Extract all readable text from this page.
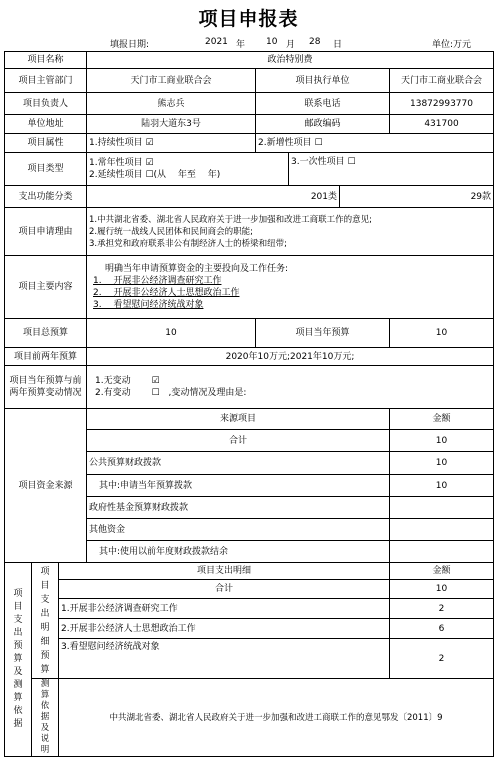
项目申报表
填报日期:	2021 年 10 月 28 日	单位:万元
项目名称			政治特别费				
项目主管部门			天门市工商业联合会	项目执行单位			天门市工商业联合会
项目负责人			熊志兵	联系电话			13872993770
单位地址			陆羽大道东3号	邮政编码			431700
项目属性			1.持续性项目 ☑	2.新增性项目 ☐			
项目类型			1.常年性项目 ☑
2.延续性项目 ☐(从　 年至　 年)		3.一次性项目 ☐		
支出功能分类			201类			29款	
项目申请理由			1.中共湖北省委、湖北省人民政府关于进一步加强和改进工商联工作的意见;
2.履行统一战线人民团体和民间商会的职能;
3.承担党和政府联系非公有制经济人士的桥梁和纽带;				

项目主要内容			明确当年申请预算资金的主要投向及工作任务:
1.　 开展非公经济调查研究工作
2.　 开展非公经济人士思想政治工作
3.　 看望慰问经济统战对象				

项目总预算			10	项目当年预算			10
项目前两年预算			2020年10万元;2021年10万元;				
项目当年预算与前两年预算变动情况			1.无变动　　 ☑
2.有变动　　 ☐　,变动情况及理由是:				

项目资金来源			来源项目				金额
			合计				10
			公共预算财政拨款				10
			其中:申请当年预算拨款				10
			政府性基金预算财政拨款				
			其他资金				
			其中:使用以前年度财政拨款结余				
项目支出预算及测算依据	项目支出明细预算	项目支出明细					金额
		合计					10
		1.开展非公经济调查研究工作					2
		2.开展非公经济人士思想政治工作					6
		3.看望慰问经济统战对象					2
	测算依据及说明	中共湖北省委、湖北省人民政府关于进一步加强和改进工商联工作的意见鄂发〔2011〕9					
